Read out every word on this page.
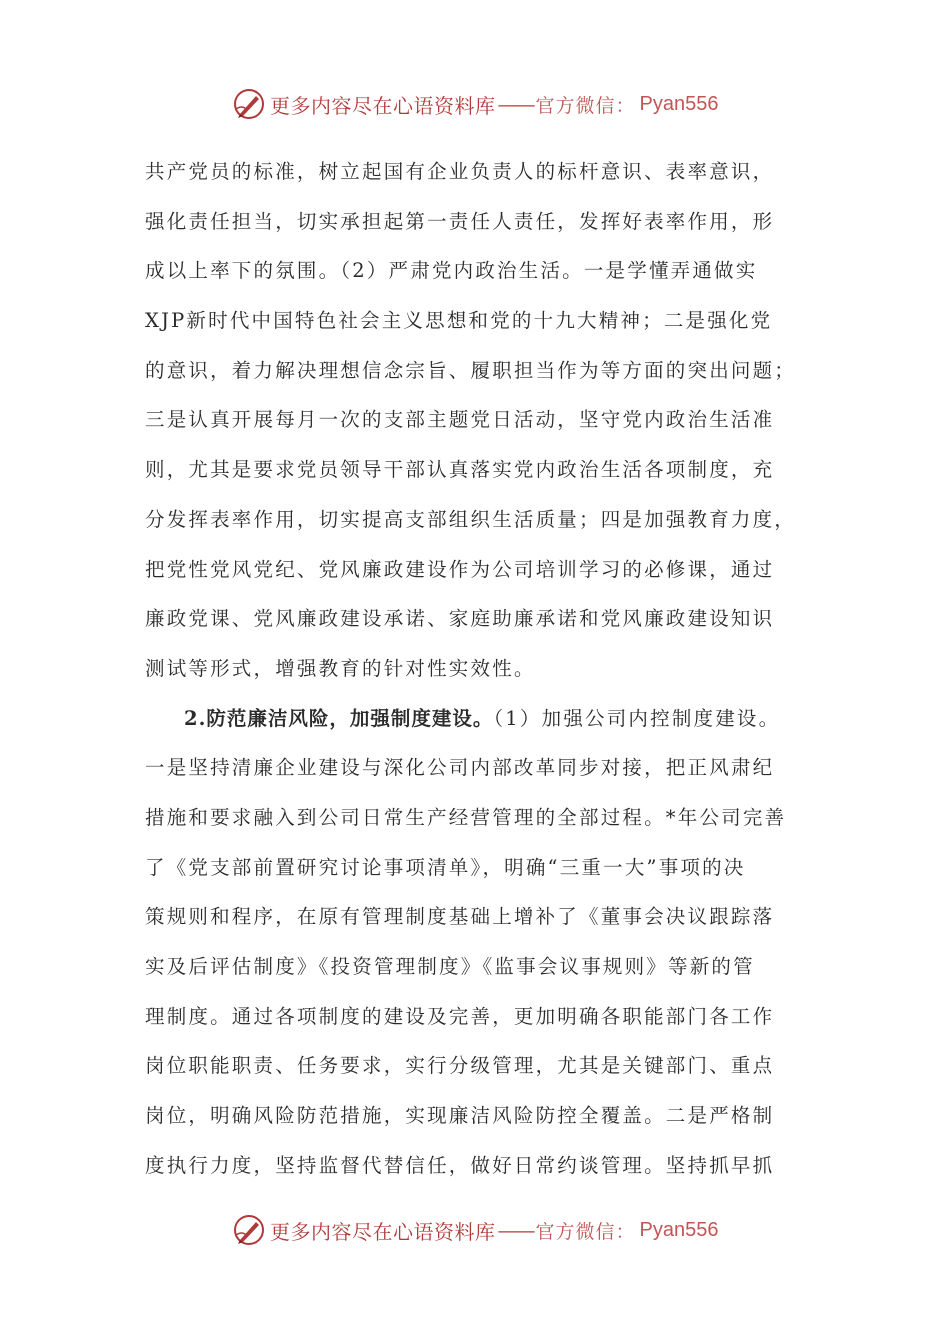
更多内容尽在心语资料库 —— 官方微信： Pyan556
共产党员的标准，树立起国有企业负责人的标杆意识、表率意识，
强化责任担当，切实承担起第一责任人责任，发挥好表率作用，形
成以上率下的氛围。（2）严肃党内政治生活。一是学懂弄通做实
XJP新时代中国特色社会主义思想和党的十九大精神；二是强化党
的意识，着力解决理想信念宗旨、履职担当作为等方面的突出问题；
三是认真开展每月一次的支部主题党日活动，坚守党内政治生活准
则，尤其是要求党员领导干部认真落实党内政治生活各项制度，充
分发挥表率作用，切实提高支部组织生活质量；四是加强教育力度，
把党性党风党纪、党风廉政建设作为公司培训学习的必修课，通过
廉政党课、党风廉政建设承诺、家庭助廉承诺和党风廉政建设知识
测试等形式，增强教育的针对性实效性。
2.防范廉洁风险，加强制度建设。（1）加强公司内控制度建设。
一是坚持清廉企业建设与深化公司内部改革同步对接，把正风肃纪
措施和要求融入到公司日常生产经营管理的全部过程。*年公司完善
了《党支部前置研究讨论事项清单》，明确“三重一大”事项的决
策规则和程序，在原有管理制度基础上增补了《董事会决议跟踪落
实及后评估制度》《投资管理制度》《监事会议事规则》等新的管
理制度。通过各项制度的建设及完善，更加明确各职能部门各工作
岗位职能职责、任务要求，实行分级管理，尤其是关键部门、重点
岗位，明确风险防范措施，实现廉洁风险防控全覆盖。二是严格制
度执行力度，坚持监督代替信任，做好日常约谈管理。坚持抓早抓
更多内容尽在心语资料库 —— 官方微信： Pyan556
